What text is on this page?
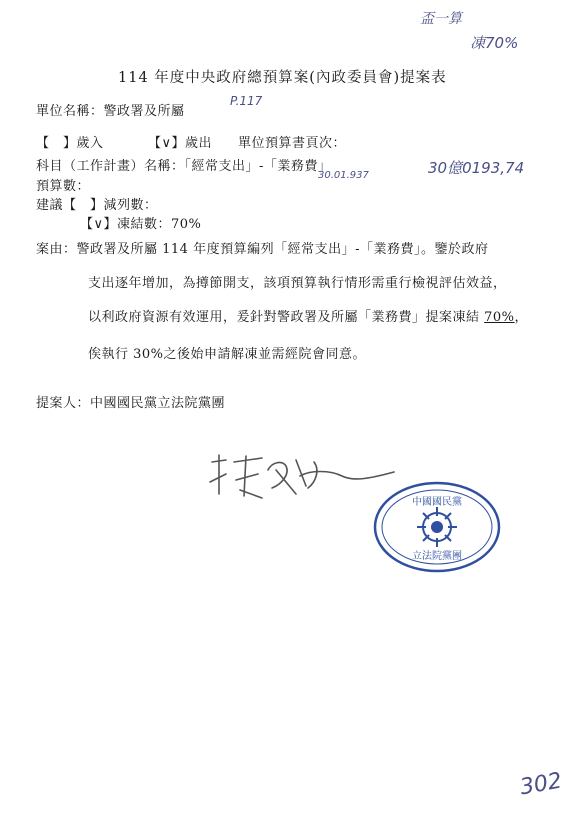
盃一算
凍70%
114 年度中央政府總預算案(內政委員會)提案表
單位名稱：警政署及所屬
P.117
【　】歲入	【∨】歲出 單位預算書頁次：
科目（工作計畫）名稱：「經常支出」-「業務費」	30億0193,74
預算數：
30.01.937
建議【　】減列數：
【∨】凍結數：70%
案由：警政署及所屬 114 年度預算編列「經常支出」-「業務費」。鑒於政府
支出逐年增加，為撙節開支，該項預算執行情形需重行檢視評估效益，
以利政府資源有效運用，爰針對警政署及所屬「業務費」提案凍結 70%，
俟執行 30%之後始申請解凍並需經院會同意。
提案人：中國國民黨立法院黨團
中國國民黨
立法院黨團
302
